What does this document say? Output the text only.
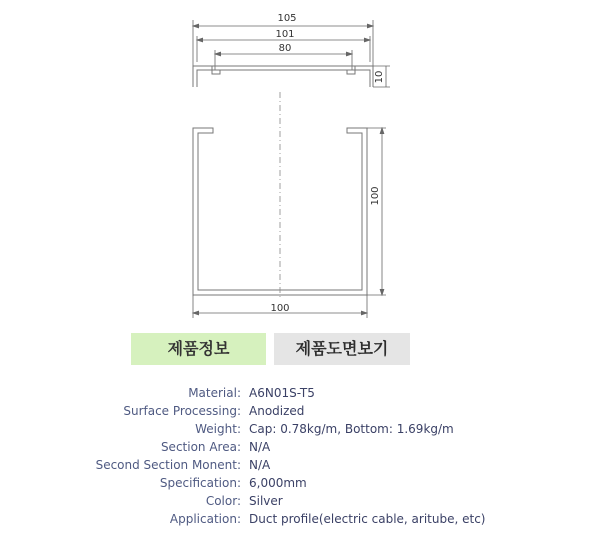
105
101
80
10
100
100
제품정보	제품도면보기
Material: A6N01S-T5
Surface Processing: Anodized
Weight: Cap: 0.78kg/m, Bottom: 1.69kg/m
Section Area: N/A
Second Section Monent: N/A
Specification: 6,000mm
Color: Silver
Application: Duct profile(electric cable, aritube, etc)
